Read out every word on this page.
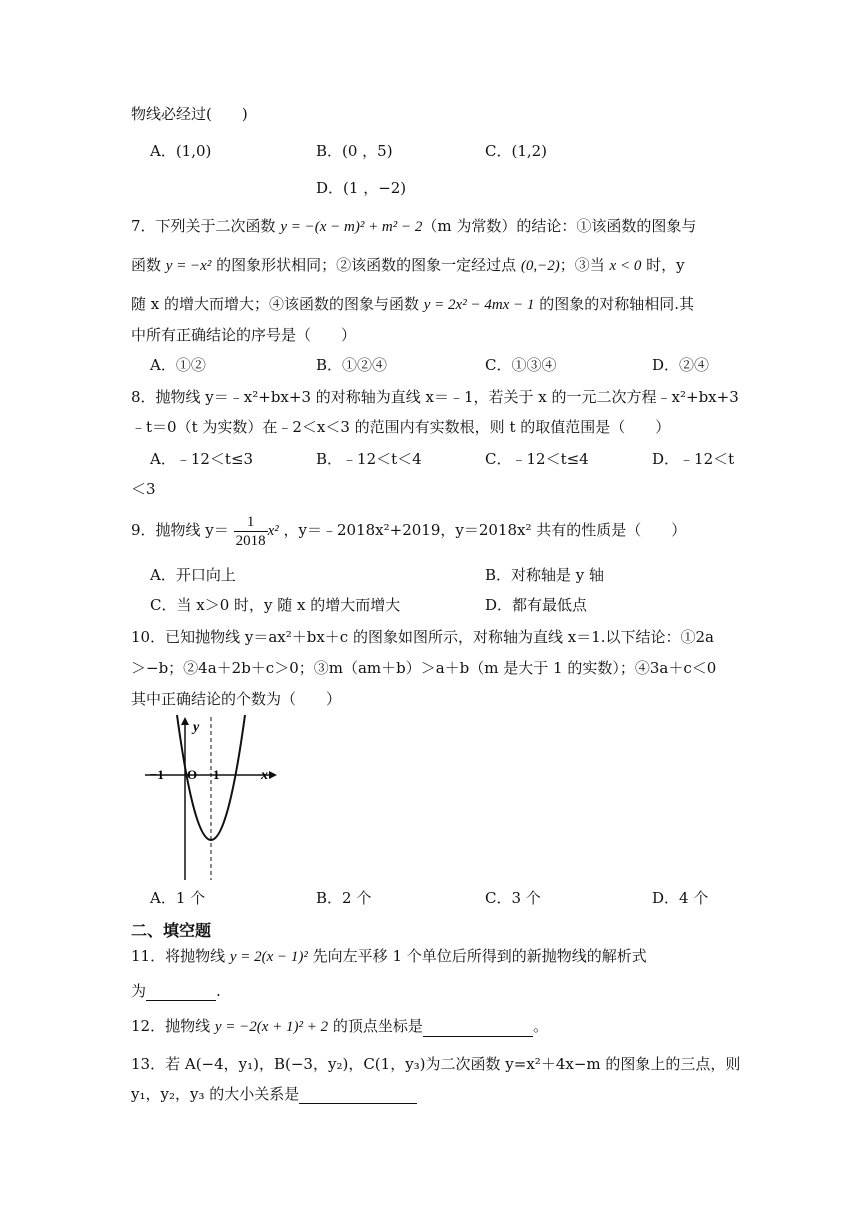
物线必经过(　　)
A．(1,0)	B．(0 ，5)	C．(1,2)
D．(1 ，−2)
7．下列关于二次函数 y = −(x − m)² + m² − 2（m 为常数）的结论：①该函数的图象与
函数 y = −x² 的图象形状相同；②该函数的图象一定经过点 (0,−2)；③当 x < 0 时，y
随 x 的增大而增大；④该函数的图象与函数 y = 2x² − 4mx − 1 的图象的对称轴相同.其
中所有正确结论的序号是（　　）
A．①②	B．①②④	C．①③④	D．②④
8．抛物线 y＝﹣x²+bx+3 的对称轴为直线 x＝﹣1，若关于 x 的一元二次方程﹣x²+bx+3
﹣t＝0（t 为实数）在﹣2＜x＜3 的范围内有实数根，则 t 的取值范围是（　　）
A．﹣12＜t≤3	B．﹣12＜t＜4	C．﹣12＜t≤4	D．﹣12＜t
＜3
9．抛物线 $y= \frac{1}{2018} x^2$ ，y＝﹣2018x²+2019，y＝2018x² 共有的性质是（　　）
A．开口向上	B．对称轴是 y 轴
C．当 x＞0 时，y 随 x 的增大而增大	D．都有最低点
10．已知抛物线 y＝ax²＋bx＋c 的图象如图所示，对称轴为直线 x＝1.以下结论：①2a
＞−b；②4a＋2b＋c＞0；③m（am＋b）＞a＋b（m 是大于 1 的实数）；④3a＋c＜0
其中正确结论的个数为（　　）
−1 O 1
y
x
A．1 个	B．2 个	C．3 个	D．4 个
二、填空题
11．将抛物线 y = 2(x − 1)² 先向左平移 1 个单位后所得到的新抛物线的解析式
为	.
12．抛物线 y = −2(x + 1)² + 2 的顶点坐标是	。
13．若 A(−4，y₁)，B(−3，y₂)，C(1，y₃)为二次函数 y=x²＋4x−m 的图象上的三点，则
y₁，y₂，y₃ 的大小关系是
